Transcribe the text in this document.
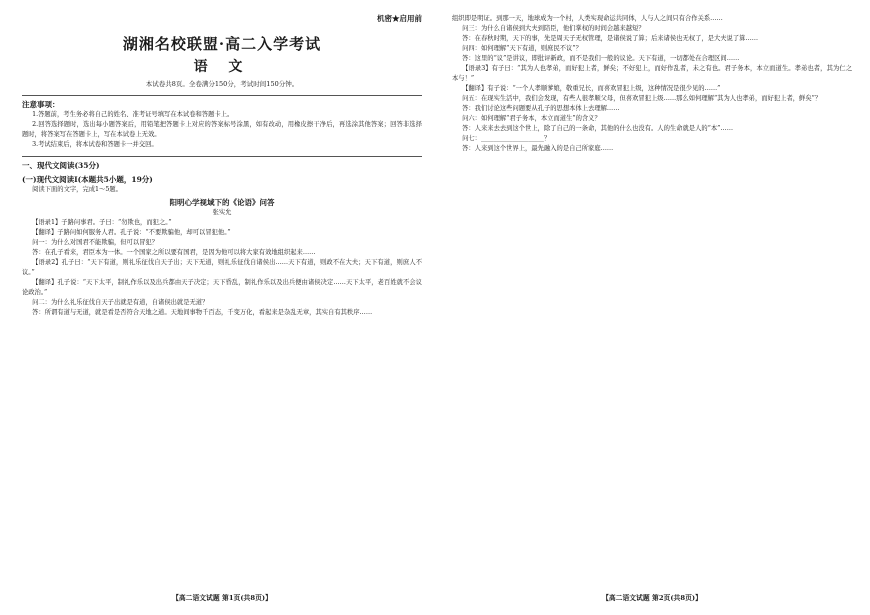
机密★启用前
湖湘名校联盟·高二入学考试
语 文
本试卷共8页。全卷满分150分，考试时间150分钟。
注意事项：
1.答题前，考生务必将自己的姓名、准考证号填写在本试卷和答题卡上。
2.回答选择题时，选出每小题答案后，用铅笔把答题卡上对应的答案标号涂黑，如有改动，用橡皮擦干净后，再选涂其他答案；回答非选择题时，将答案写在答题卡上，写在本试卷上无效。
3.考试结束后，将本试卷和答题卡一并交回。
一、现代文阅读(35分)
(一)现代文阅读Ⅰ(本题共5小题，19分)
阅读下面的文字，完成1～5题。
阳明心学视域下的《论语》问答
张实允
【语录1】子路问事君。子曰：“勿欺也，而犯之。”
【翻译】子路问如何服务人君。孔子说：“不要欺骗他，却可以冒犯他。”
问一：为什么对国君不能欺骗，但可以冒犯？
答：在孔子看来，君臣本为一体。一个国家之所以要有国君，是因为他可以将大家有效地组织起来……
【语录2】孔子曰：“天下有道，则礼乐征伐自天子出；天下无道，则礼乐征伐自诸侯出……天下有道，则政不在大夫；天下有道，则庶人不议。”
【翻译】孔子说：“天下太平，制礼作乐以及出兵都由天子决定；天下昏乱，制礼作乐以及出兵便由诸侯决定……天下太平，老百姓就不会议论政治。”
问二：为什么礼乐征伐自天子出就是有道，自诸侯出就是无道？
答：所谓有道与无道，就是看是否符合天地之道。天地间事物千百态，千变万化，看起来是杂乱无章，其实自有其秩序……
【高二语文试题 第1页(共8页)】
组织即是明证。到那一天，地球成为一个村，人类实现命运共同体，人与人之间只有合作关系……
问三：为什么自诸侯到大夫到陪臣，他们掌权的时间会越来越短？
答：在春秋时期，天下的事，先是周天子无权管理，是诸侯说了算；后来诸侯也无权了，是大夫说了算……
问四：如何理解“天下有道，则庶民不议”？
答：这里的“议”是讲议，即批评新政，而不是我们一般的议论。天下有道，一切都处在合理区间……
【语录3】有子曰：“其为人也孝弟，而好犯上者，鲜矣；不好犯上，而好作乱者，未之有也。君子务本，本立而道生。孝弟也者，其为仁之本与！”
【翻译】有子说：“一个人孝顺爹娘，敬重兄长，而喜欢冒犯上级，这种情况是很少见的……”
问五：在现实生活中，我们会发现，有些人很孝顺父母，但喜欢冒犯上级……那么如何理解“其为人也孝弟，而好犯上者，鲜矣”？
答：我们讨论这些问题要从孔子的思想本体上去理解……
问六：如何理解“君子务本，本立而道生”的含义？
答：人来来去去到这个世上，除了自己的一条命，其他的什么也没有。人的生命就是人的“本”……
问七：____________________？
答：人来到这个世界上，最先融入的是自己所家庭……
【高二语文试题 第2页(共8页)】
